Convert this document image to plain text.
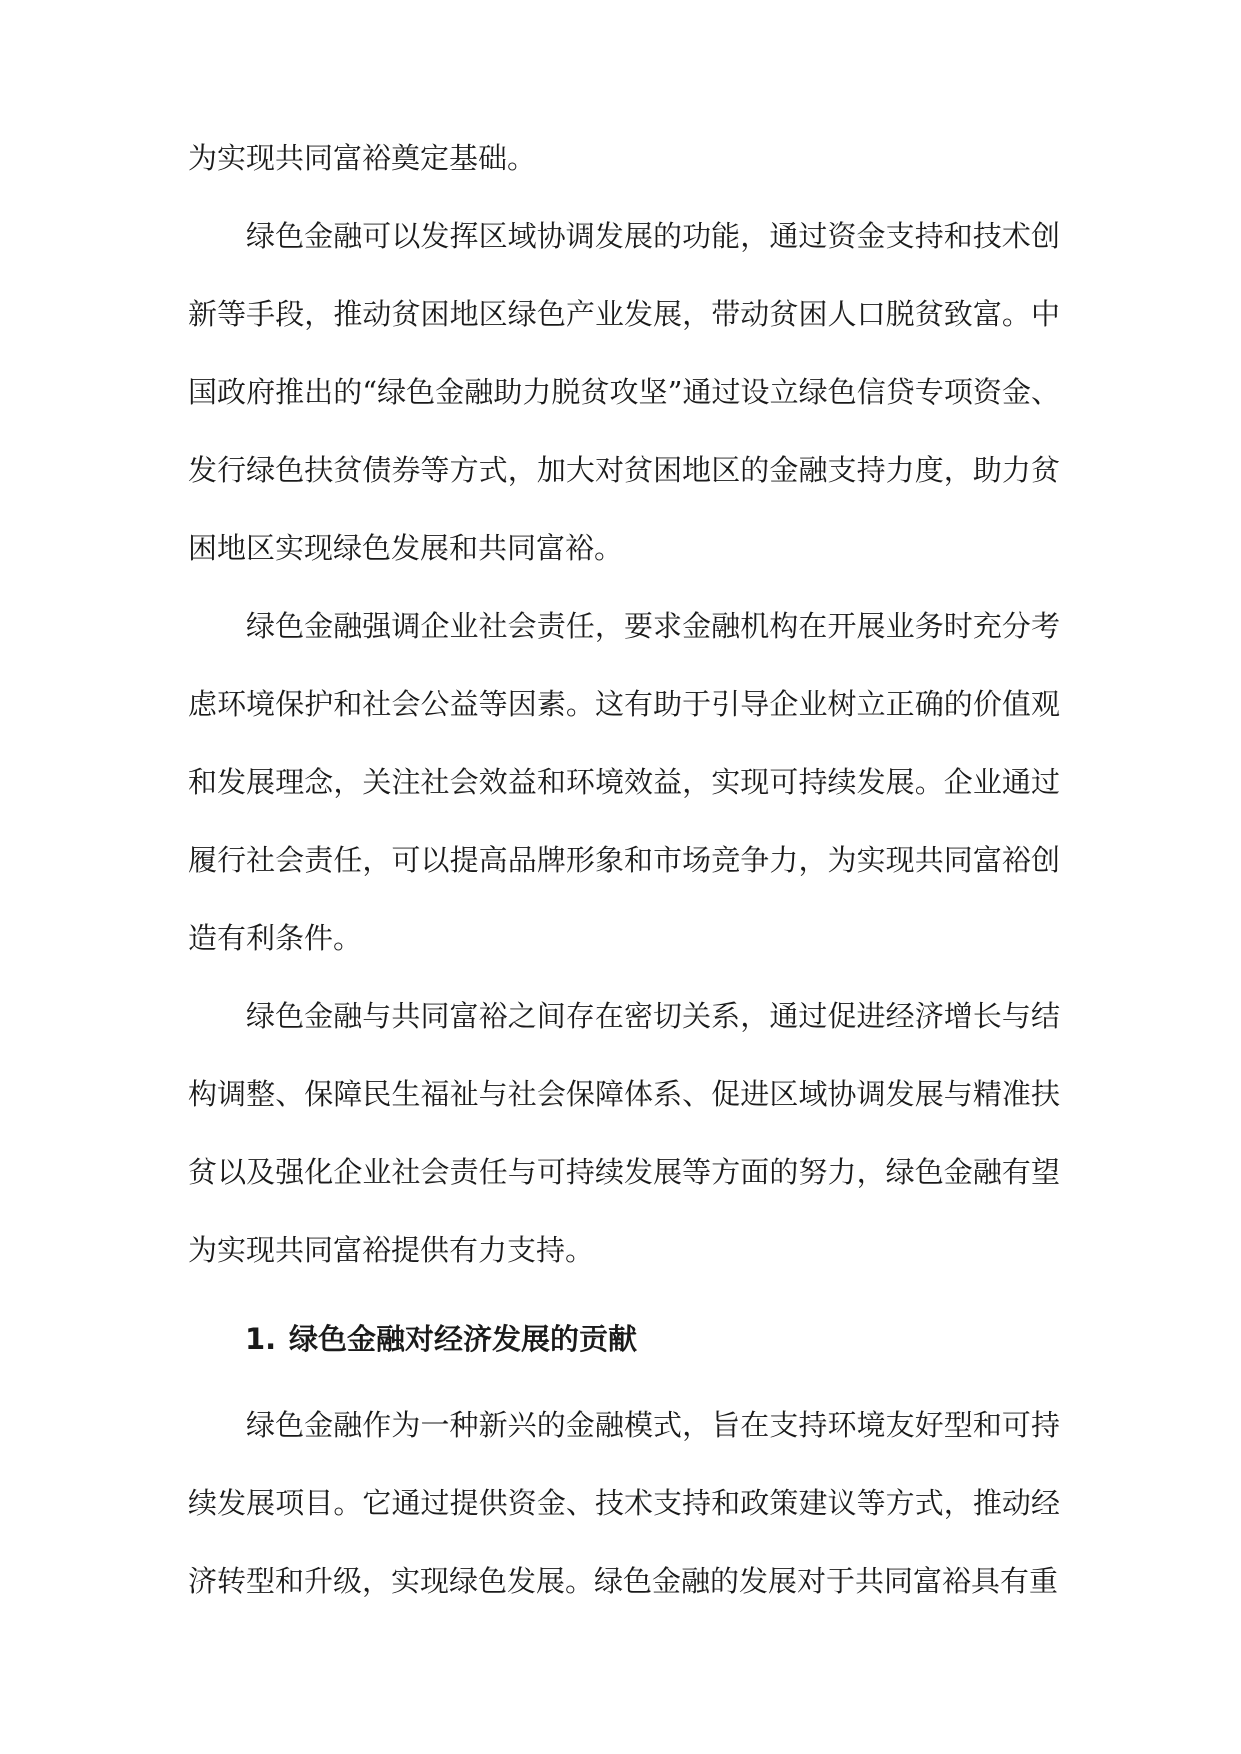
为实现共同富裕奠定基础。

绿色金融可以发挥区域协调发展的功能，通过资金支持和技术创新等手段，推动贫困地区绿色产业发展，带动贫困人口脱贫致富。中国政府推出的“绿色金融助力脱贫攻坚”通过设立绿色信贷专项资金、发行绿色扶贫债券等方式，加大对贫困地区的金融支持力度，助力贫困地区实现绿色发展和共同富裕。

绿色金融强调企业社会责任，要求金融机构在开展业务时充分考虑环境保护和社会公益等因素。这有助于引导企业树立正确的价值观和发展理念，关注社会效益和环境效益，实现可持续发展。企业通过履行社会责任，可以提高品牌形象和市场竞争力，为实现共同富裕创造有利条件。

绿色金融与共同富裕之间存在密切关系，通过促进经济增长与结构调整、保障民生福祉与社会保障体系、促进区域协调发展与精准扶贫以及强化企业社会责任与可持续发展等方面的努力，绿色金融有望为实现共同富裕提供有力支持。

1. 绿色金融对经济发展的贡献

绿色金融作为一种新兴的金融模式，旨在支持环境友好型和可持续发展项目。它通过提供资金、技术支持和政策建议等方式，推动经济转型和升级，实现绿色发展。绿色金融的发展对于共同富裕具有重
